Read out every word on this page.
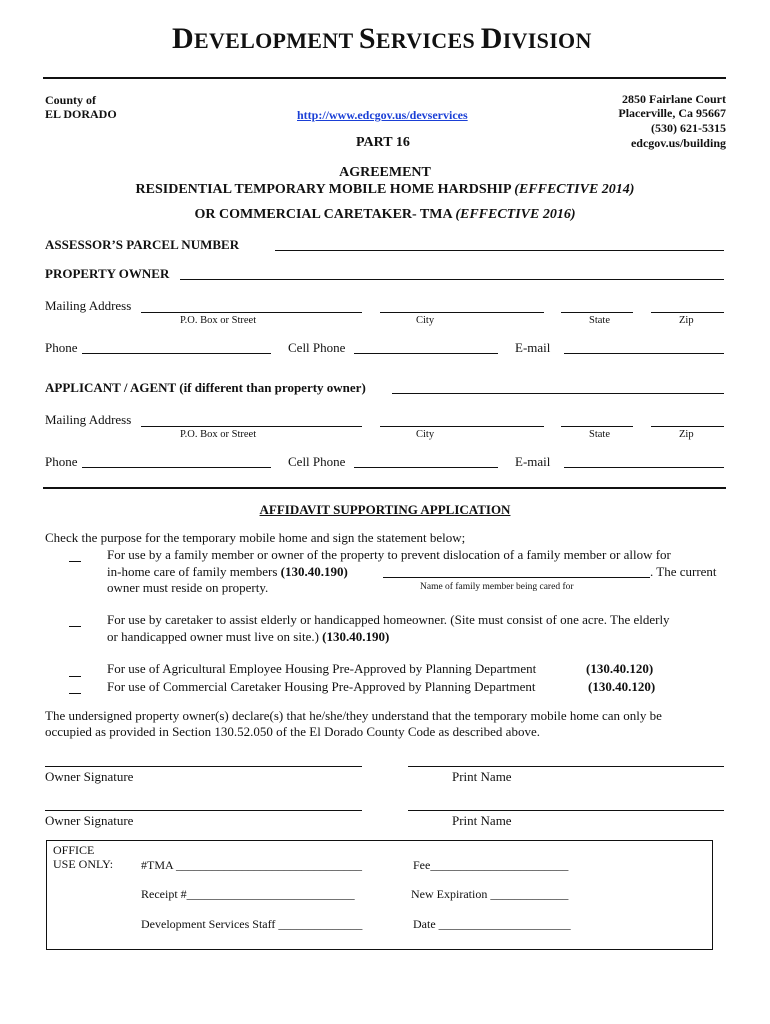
DEVELOPMENT SERVICES DIVISION
County of
EL DORADO	http://www.edcgov.us/devservices
2850 Fairlane Court
Placerville, Ca 95667
(530) 621-5315
edcgov.us/building
PART 16
AGREEMENT
RESIDENTIAL TEMPORARY MOBILE HOME HARDSHIP (EFFECTIVE 2014)
OR COMMERCIAL CARETAKER- TMA (EFFECTIVE 2016)
ASSESSOR’S PARCEL NUMBER
PROPERTY OWNER
Mailing Address
P.O. Box or Street	City	State	Zip
Phone	Cell Phone	E-mail
APPLICANT / AGENT (if different than property owner)
Mailing Address
P.O. Box or Street	City	State	Zip
Phone	Cell Phone	E-mail
AFFIDAVIT SUPPORTING APPLICATION
Check the purpose for the temporary mobile home and sign the statement below;
For use by a family member or owner of the property to prevent dislocation of a family member or allow for
in-home care of family members (130.40.190)	. The current
owner must reside on property.	Name of family member being cared for
For use by caretaker to assist elderly or handicapped homeowner. (Site must consist of one acre. The elderly
or handicapped owner must live on site.) (130.40.190)
For use of Agricultural Employee Housing Pre-Approved by Planning Department	(130.40.120)
For use of Commercial Caretaker Housing Pre-Approved by Planning Department	(130.40.120)
The undersigned property owner(s) declare(s) that he/she/they understand that the temporary mobile home can only be
occupied as provided in Section 130.52.050 of the El Dorado County Code as described above.
Owner Signature	Print Name
Owner Signature	Print Name
OFFICE
USE ONLY: #TMA _______________________________	Fee_______________________
Receipt #____________________________	New Expiration _____________
Development Services Staff ______________	Date ______________________
